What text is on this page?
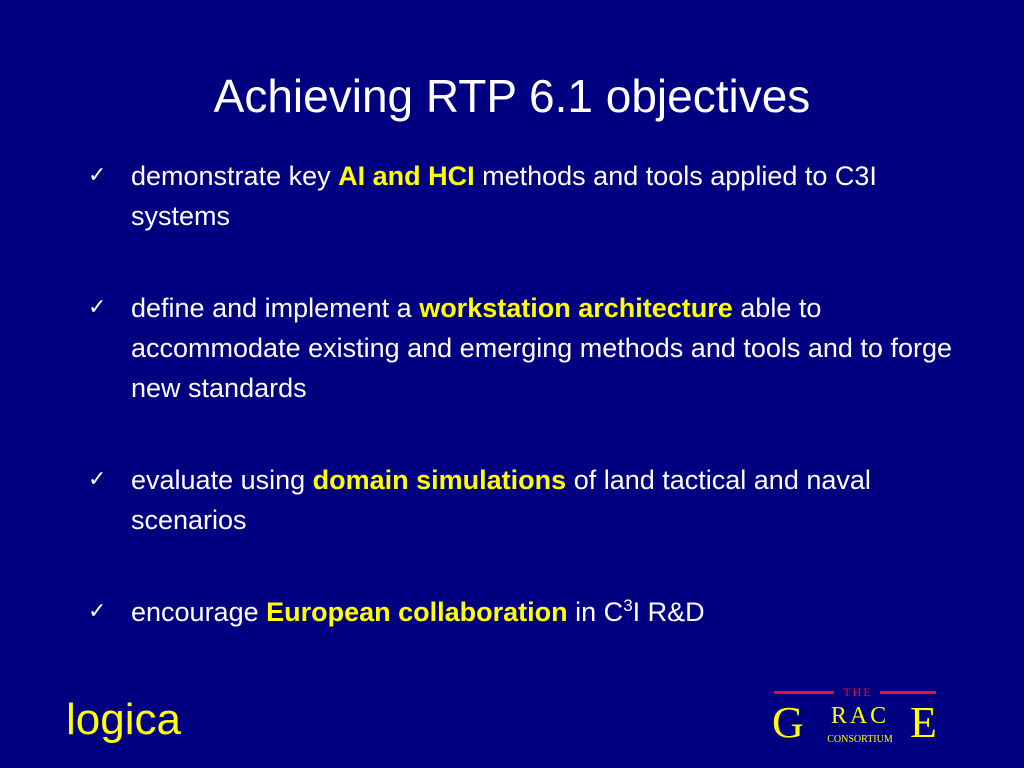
Achieving RTP 6.1 objectives
✓ demonstrate key AI and HCI methods and tools applied to C3I systems
✓ define and implement a workstation architecture able to accommodate existing and emerging methods and tools and to forge new standards
✓ evaluate using domain simulations of land tactical and naval scenarios
✓ encourage European collaboration in $C^3I$ R&D
logica
THE
G	RAC
CONSORTIUM E
